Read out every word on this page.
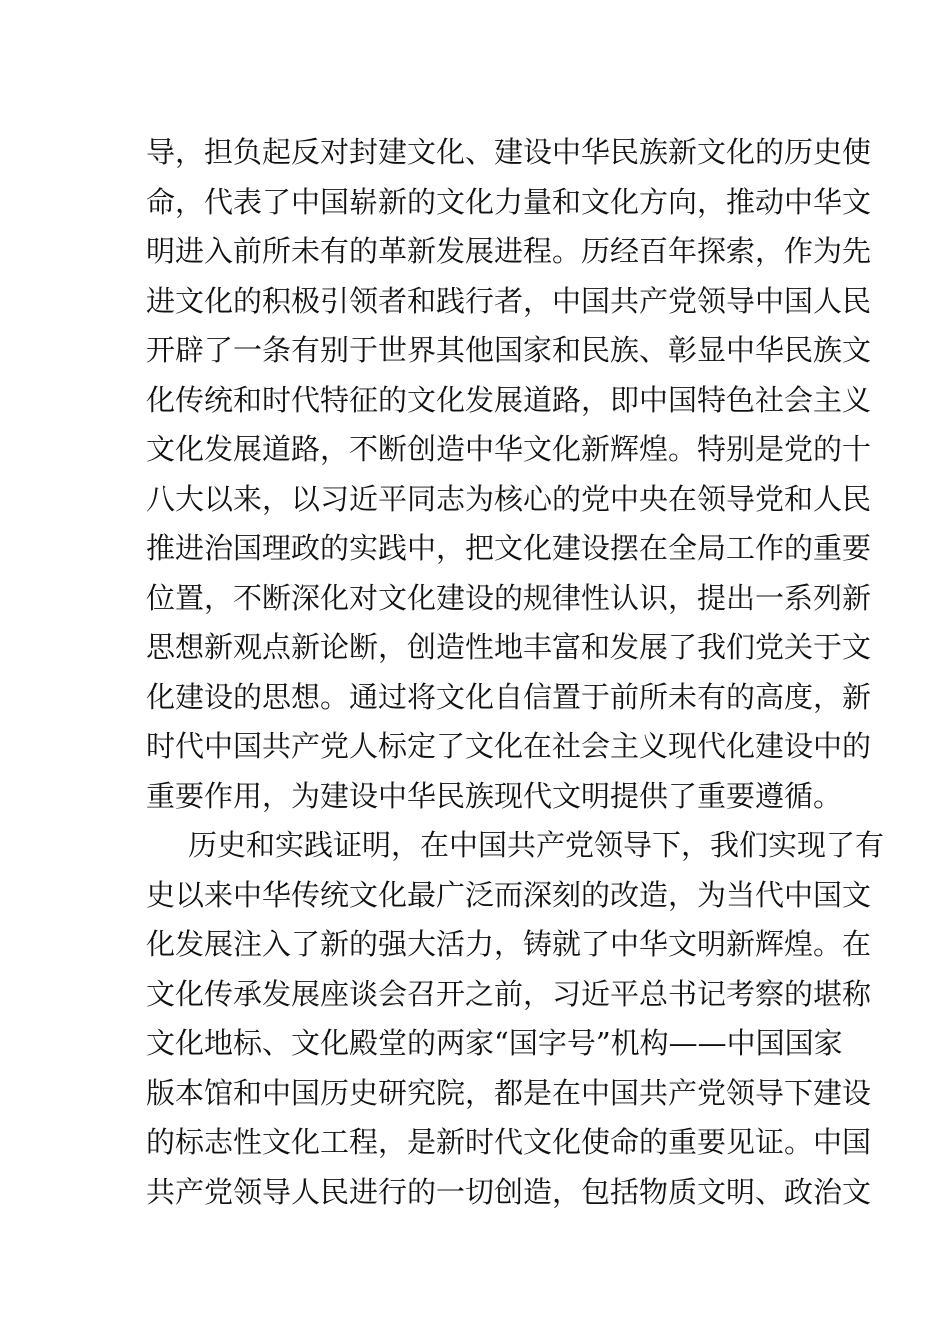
导，担负起反对封建文化、建设中华民族新文化的历史使
命，代表了中国崭新的文化力量和文化方向，推动中华文
明进入前所未有的革新发展进程。历经百年探索，作为先
进文化的积极引领者和践行者，中国共产党领导中国人民
开辟了一条有别于世界其他国家和民族、彰显中华民族文
化传统和时代特征的文化发展道路，即中国特色社会主义
文化发展道路，不断创造中华文化新辉煌。特别是党的十
八大以来，以习近平同志为核心的党中央在领导党和人民
推进治国理政的实践中，把文化建设摆在全局工作的重要
位置，不断深化对文化建设的规律性认识，提出一系列新
思想新观点新论断，创造性地丰富和发展了我们党关于文
化建设的思想。通过将文化自信置于前所未有的高度，新
时代中国共产党人标定了文化在社会主义现代化建设中的
重要作用，为建设中华民族现代文明提供了重要遵循。
历史和实践证明，在中国共产党领导下，我们实现了有
史以来中华传统文化最广泛而深刻的改造，为当代中国文
化发展注入了新的强大活力，铸就了中华文明新辉煌。在
文化传承发展座谈会召开之前，习近平总书记考察的堪称
文化地标、文化殿堂的两家“国字号”机构——中国国家
版本馆和中国历史研究院，都是在中国共产党领导下建设
的标志性文化工程，是新时代文化使命的重要见证。中国
共产党领导人民进行的一切创造，包括物质文明、政治文
